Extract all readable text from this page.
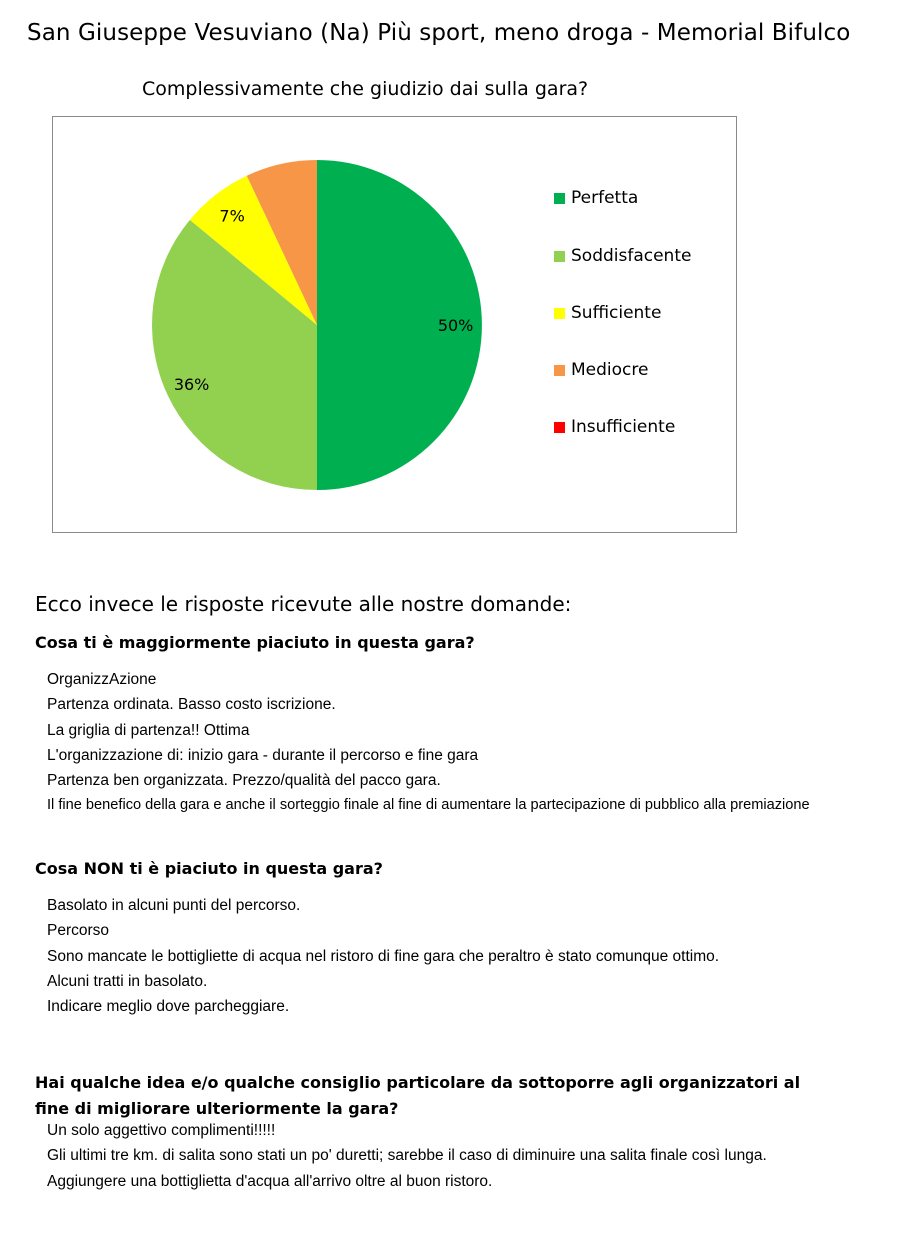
San Giuseppe Vesuviano (Na) Più sport, meno droga - Memorial Bifulco
Complessivamente che giudizio dai sulla gara?
50%
36%
7%
Perfetta
Soddisfacente
Sufficiente
Mediocre
Insufficiente
Ecco invece le risposte ricevute alle nostre domande:
Cosa ti è maggiormente piaciuto in questa gara?
OrganizzAzione
Partenza ordinata. Basso costo iscrizione.
La griglia di partenza!! Ottima
L'organizzazione di: inizio gara - durante il percorso e fine gara
Partenza ben organizzata. Prezzo/qualità del pacco gara.
Il fine benefico della gara e anche il sorteggio finale al fine di aumentare la partecipazione di pubblico alla premiazione
Cosa NON ti è piaciuto in questa gara?
Basolato in alcuni punti del percorso.
Percorso
Sono mancate le bottigliette di acqua nel ristoro di fine gara che peraltro è stato comunque ottimo.
Alcuni tratti in basolato.
Indicare meglio dove parcheggiare.
Hai qualche idea e/o qualche consiglio particolare da sottoporre agli organizzatori al fine di migliorare ulteriormente la gara?
Un solo aggettivo complimenti!!!!!
Gli ultimi tre km. di salita sono stati un po' duretti; sarebbe il caso di diminuire una salita finale così lunga.
Aggiungere una bottiglietta d'acqua all'arrivo oltre al buon ristoro.
